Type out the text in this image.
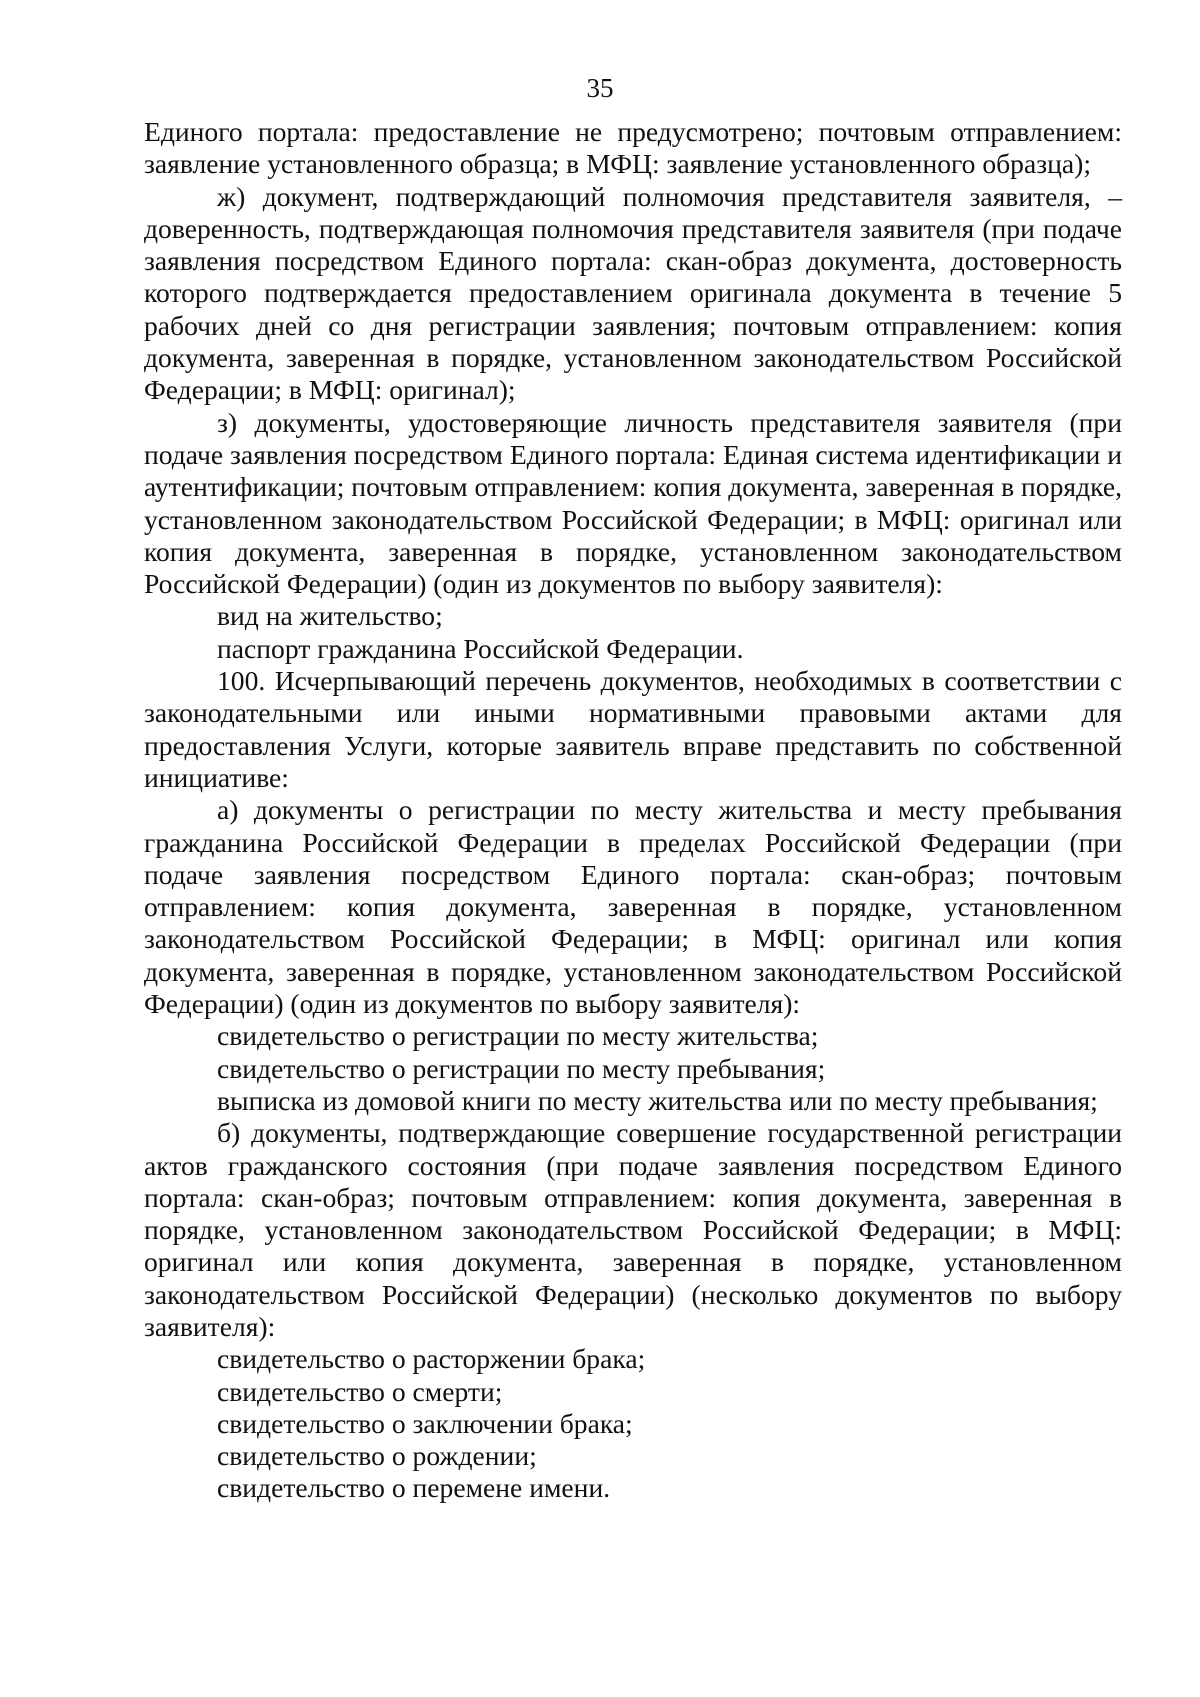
35

Единого портала: предоставление не предусмотрено; почтовым отправлением: заявление установленного образца; в МФЦ: заявление установленного образца);

ж) документ, подтверждающий полномочия представителя заявителя, – доверенность, подтверждающая полномочия представителя заявителя (при подаче заявления посредством Единого портала: скан-образ документа, достоверность которого подтверждается предоставлением оригинала документа в течение 5 рабочих дней со дня регистрации заявления; почтовым отправлением: копия документа, заверенная в порядке, установленном законодательством Российской Федерации; в МФЦ: оригинал);

з) документы, удостоверяющие личность представителя заявителя (при подаче заявления посредством Единого портала: Единая система идентификации и аутентификации; почтовым отправлением: копия документа, заверенная в порядке, установленном законодательством Российской Федерации; в МФЦ: оригинал или копия документа, заверенная в порядке, установленном законодательством Российской Федерации) (один из документов по выбору заявителя):

вид на жительство;

паспорт гражданина Российской Федерации.

100. Исчерпывающий перечень документов, необходимых в соответствии с законодательными или иными нормативными правовыми актами для предоставления Услуги, которые заявитель вправе представить по собственной инициативе:

а) документы о регистрации по месту жительства и месту пребывания гражданина Российской Федерации в пределах Российской Федерации (при подаче заявления посредством Единого портала: скан-образ; почтовым отправлением: копия документа, заверенная в порядке, установленном законодательством Российской Федерации; в МФЦ: оригинал или копия документа, заверенная в порядке, установленном законодательством Российской Федерации) (один из документов по выбору заявителя):

свидетельство о регистрации по месту жительства;

свидетельство о регистрации по месту пребывания;

выписка из домовой книги по месту жительства или по месту пребывания;

б) документы, подтверждающие совершение государственной регистрации актов гражданского состояния (при подаче заявления посредством Единого портала: скан-образ; почтовым отправлением: копия документа, заверенная в порядке, установленном законодательством Российской Федерации; в МФЦ: оригинал или копия документа, заверенная в порядке, установленном законодательством Российской Федерации) (несколько документов по выбору заявителя):

свидетельство о расторжении брака;

свидетельство о смерти;

свидетельство о заключении брака;

свидетельство о рождении;

свидетельство о перемене имени.
